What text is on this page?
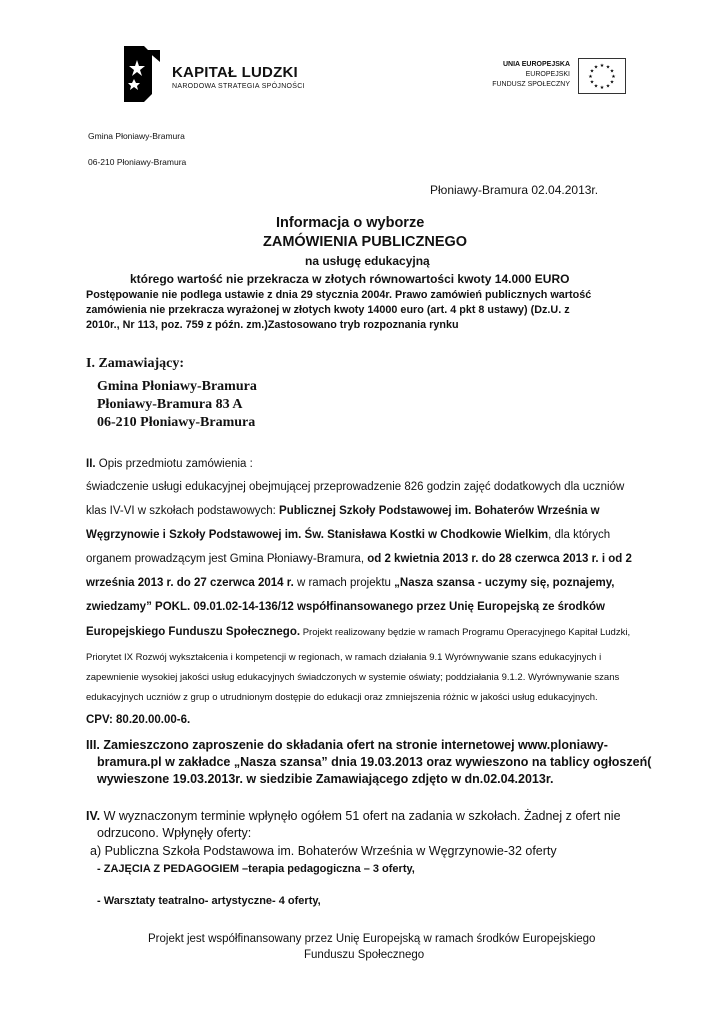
KAPITAŁ LUDZKI
NARODOWA STRATEGIA SPÓJNOŚCI
UNIA EUROPEJSKA
EUROPEJSKI
FUNDUSZ SPOŁECZNY
★ ★
★
★
★
★
★
★
★
★
★
★
Gmina Płoniawy-Bramura
06-210 Płoniawy-Bramura
Płoniawy-Bramura 02.04.2013r.
Informacja o wyborze
ZAMÓWIENIA PUBLICZNEGO
na usługę edukacyjną
którego wartość nie przekracza w złotych równowartości kwoty 14.000 EURO
Postępowanie nie podlega ustawie z dnia 29 stycznia 2004r. Prawo zamówień publicznych wartość
zamówienia nie przekracza wyrażonej w złotych kwoty 14000 euro (art. 4 pkt 8 ustawy) (Dz.U. z
2010r., Nr 113, poz. 759 z późn. zm.)Zastosowano tryb rozpoznania rynku
I. Zamawiający:
Gmina Płoniawy-Bramura
Płoniawy-Bramura 83 A
06-210 Płoniawy-Bramura
II. Opis przedmiotu zamówienia :
świadczenie usługi edukacyjnej obejmującej przeprowadzenie 826 godzin zajęć dodatkowych dla uczniów
klas IV-VI w szkołach podstawowych: Publicznej Szkoły Podstawowej im. Bohaterów Września w
Węgrzynowie i Szkoły Podstawowej im. Św. Stanisława Kostki w Chodkowie Wielkim, dla których
organem prowadzącym jest Gmina Płoniawy-Bramura, od 2 kwietnia 2013 r. do 28 czerwca 2013 r. i od 2
września 2013 r. do 27 czerwca 2014 r. w ramach projektu „Nasza szansa - uczymy się, poznajemy,
zwiedzamy” POKL. 09.01.02-14-136/12 współfinansowanego przez Unię Europejską ze środków
Europejskiego Funduszu Społecznego. Projekt realizowany będzie w ramach Programu Operacyjnego Kapitał Ludzki,
Priorytet IX Rozwój wykształcenia i kompetencji w regionach, w ramach działania 9.1 Wyrównywanie szans edukacyjnych i
zapewnienie wysokiej jakości usług edukacyjnych świadczonych w systemie oświaty; poddziałania 9.1.2. Wyrównywanie szans
edukacyjnych uczniów z grup o utrudnionym dostępie do edukacji oraz zmniejszenia różnic w jakości usług edukacyjnych.
CPV: 80.20.00.00-6.
III. Zamieszczono zaproszenie do składania ofert na stronie internetowej www.ploniawy-
bramura.pl w zakładce „Nasza szansa” dnia 19.03.2013 oraz wywieszono na tablicy ogłoszeń(
wywieszone 19.03.2013r. w siedzibie Zamawiającego zdjęto w dn.02.04.2013r.
IV. W wyznaczonym terminie wpłynęło ogółem 51 ofert na zadania w szkołach. Żadnej z ofert nie
odrzucono. Wpłynęły oferty:
a) Publiczna Szkoła Podstawowa im. Bohaterów Września w Węgrzynowie-32 oferty
- ZAJĘCIA Z PEDAGOGIEM –terapia pedagogiczna – 3 oferty,
- Warsztaty teatralno- artystyczne- 4 oferty,
Projekt jest współfinansowany przez Unię Europejską w ramach środków Europejskiego
Funduszu Społecznego
